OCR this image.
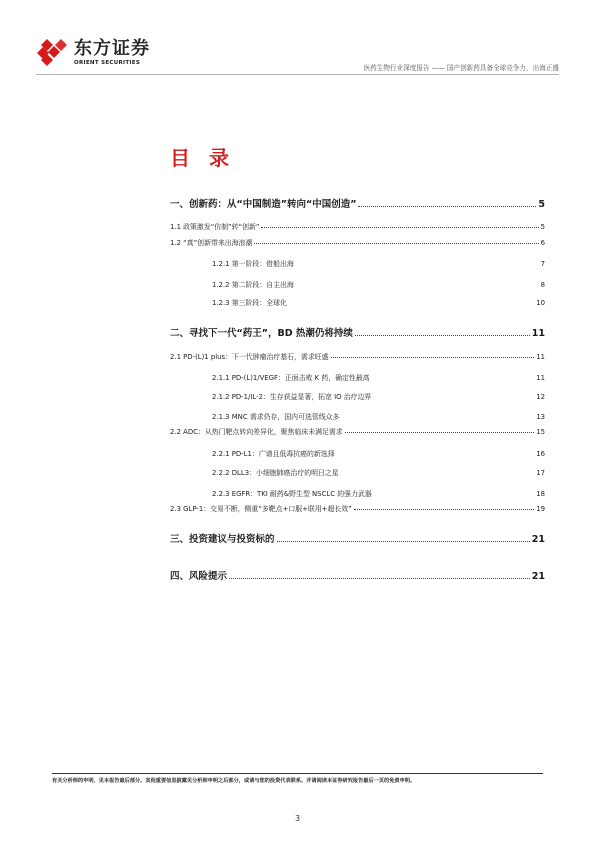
东方证券
ORIENT SECURITIES
医药生物行业深度报告 —— 国产创新药具备全球竞争力，出海正盛
目 录
一、创新药：从“中国制造”转向“中国创造”	5
1.1 政策激发“仿制”转“创新”	5
1.2 “真”创新带来出海浪潮	6
1.2.1 第一阶段：借船出海	7
1.2.2 第二阶段：自主出海	8
1.2.3 第三阶段：全球化	10
二、寻找下一代“药王”，BD 热潮仍将持续	11
2.1 PD-(L)1 plus：下一代肿瘤治疗基石，需求旺盛	11
2.1.1 PD-(L)1/VEGF：正面击败 K 药，确定性最高	11
2.1.2 PD-1/IL-2：生存获益显著，拓宽 IO 治疗边界	12
2.1.3 MNC 需求仍存，国内可选管线众多	13
2.2 ADC：从热门靶点转向差异化，聚焦临床未满足需求	15
2.2.1 PD-L1：广谱且低毒抗癌的新选择	16
2.2.2 DLL3：小细胞肺癌治疗的明日之星	17
2.2.3 EGFR：TKI 耐药&野生型 NSCLC 的强力武器	18
2.3 GLP-1：交易不断，侧重“多靶点+口服+联用+超长效”	19
三、投资建议与投资标的	21
四、风险提示	21
有关分析师的申明，见本报告最后部分。其他重要信息披露见分析师申明之后部分，或请与您的投资代表联系。并请阅读本证券研究报告最后一页的免责申明。
3
